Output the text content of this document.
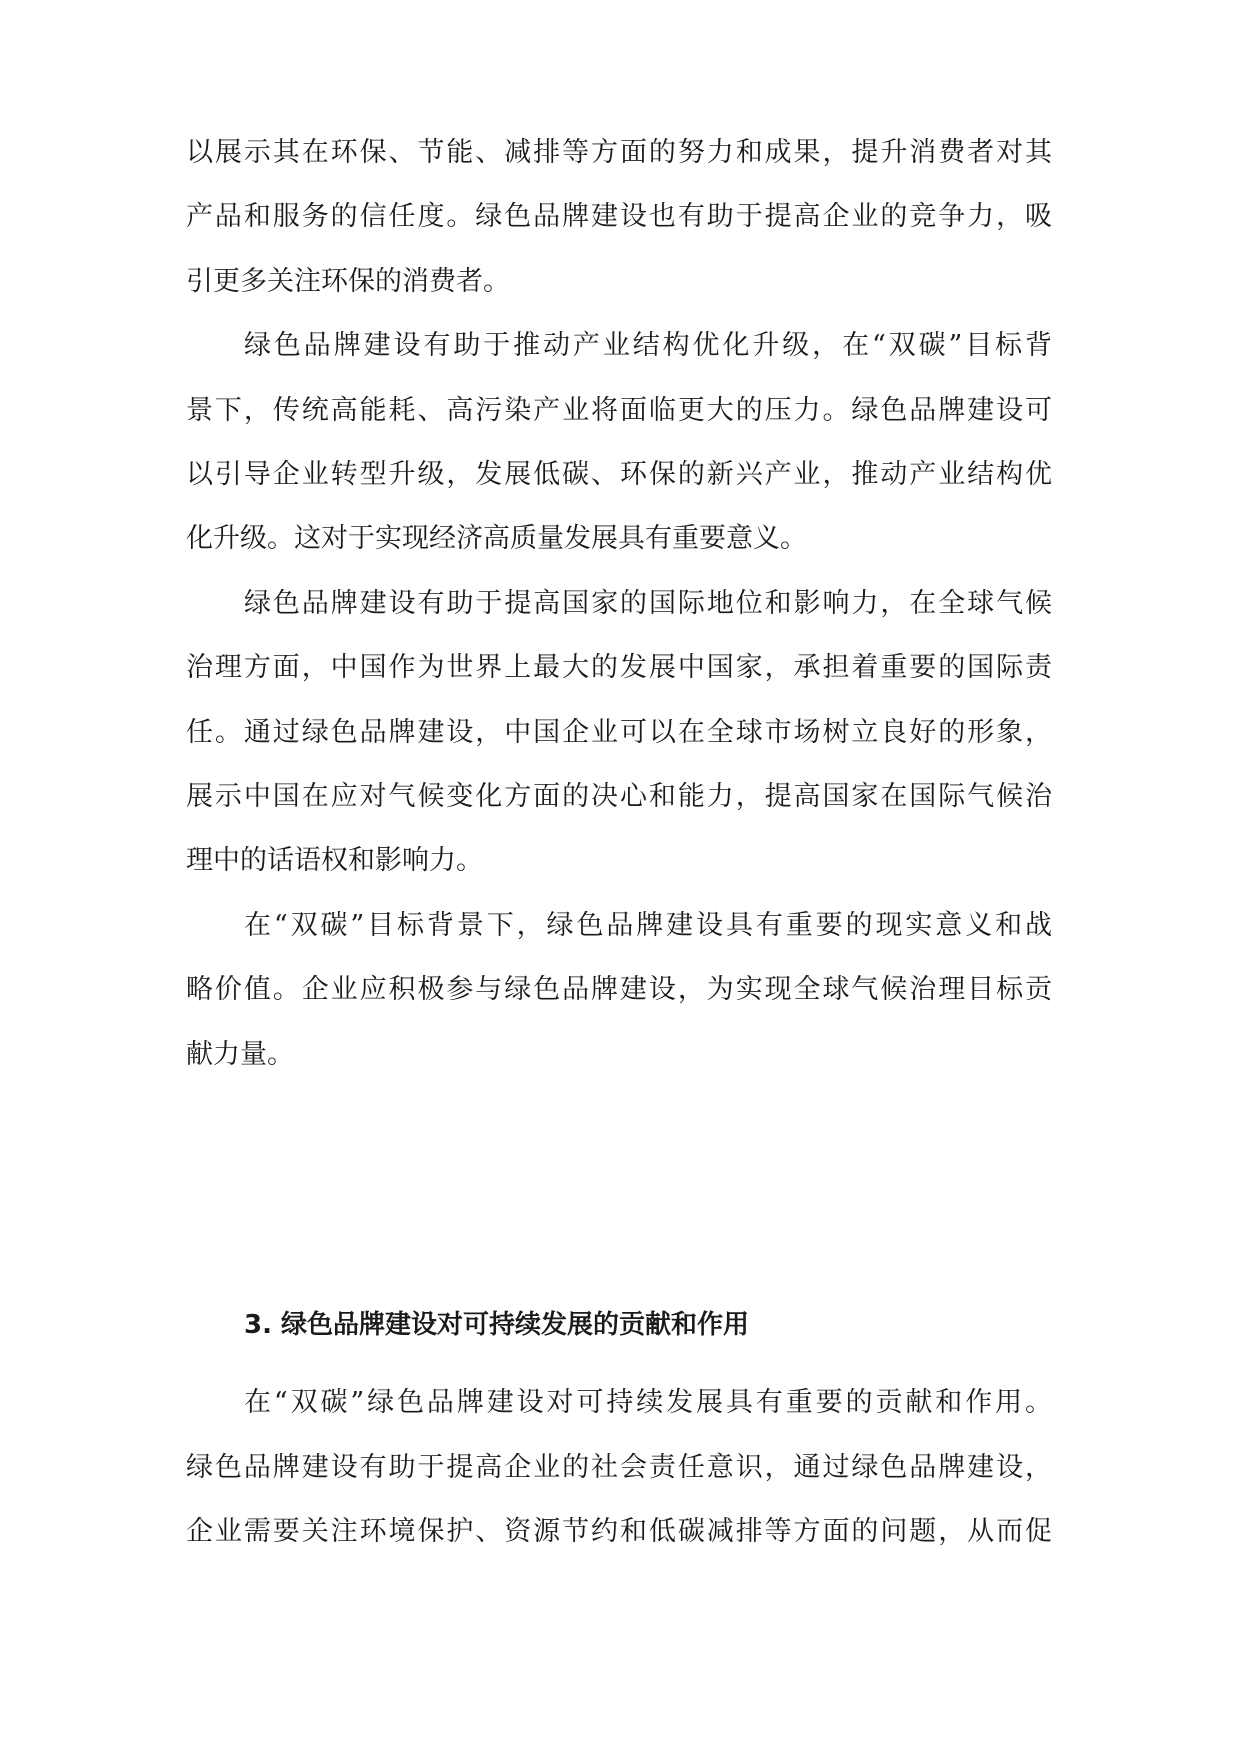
以展示其在环保、节能、减排等方面的努力和成果，提升消费者对其
产品和服务的信任度。绿色品牌建设也有助于提高企业的竞争力，吸
引更多关注环保的消费者。
绿色品牌建设有助于推动产业结构优化升级，在“双碳”目标背
景下，传统高能耗、高污染产业将面临更大的压力。绿色品牌建设可
以引导企业转型升级，发展低碳、环保的新兴产业，推动产业结构优
化升级。这对于实现经济高质量发展具有重要意义。
绿色品牌建设有助于提高国家的国际地位和影响力，在全球气候
治理方面，中国作为世界上最大的发展中国家，承担着重要的国际责
任。通过绿色品牌建设，中国企业可以在全球市场树立良好的形象，
展示中国在应对气候变化方面的决心和能力，提高国家在国际气候治
理中的话语权和影响力。
在“双碳”目标背景下，绿色品牌建设具有重要的现实意义和战
略价值。企业应积极参与绿色品牌建设，为实现全球气候治理目标贡
献力量。
3. 绿色品牌建设对可持续发展的贡献和作用
在“双碳”绿色品牌建设对可持续发展具有重要的贡献和作用。
绿色品牌建设有助于提高企业的社会责任意识，通过绿色品牌建设，
企业需要关注环境保护、资源节约和低碳减排等方面的问题，从而促
